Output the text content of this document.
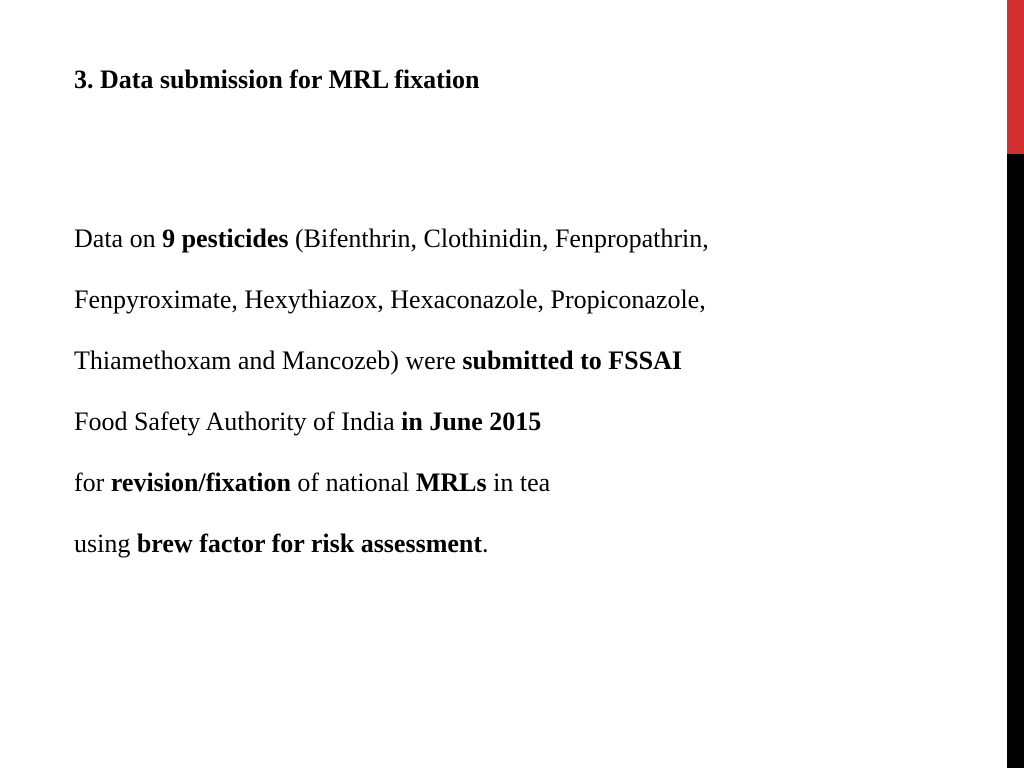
3. Data submission for MRL fixation
Data on 9 pesticides (Bifenthrin, Clothinidin, Fenpropathrin,
Fenpyroximate, Hexythiazox, Hexaconazole, Propiconazole,
Thiamethoxam and Mancozeb) were submitted to FSSAI
Food Safety Authority of India in June 2015
for revision/fixation of national MRLs in tea
using brew factor for risk assessment.
